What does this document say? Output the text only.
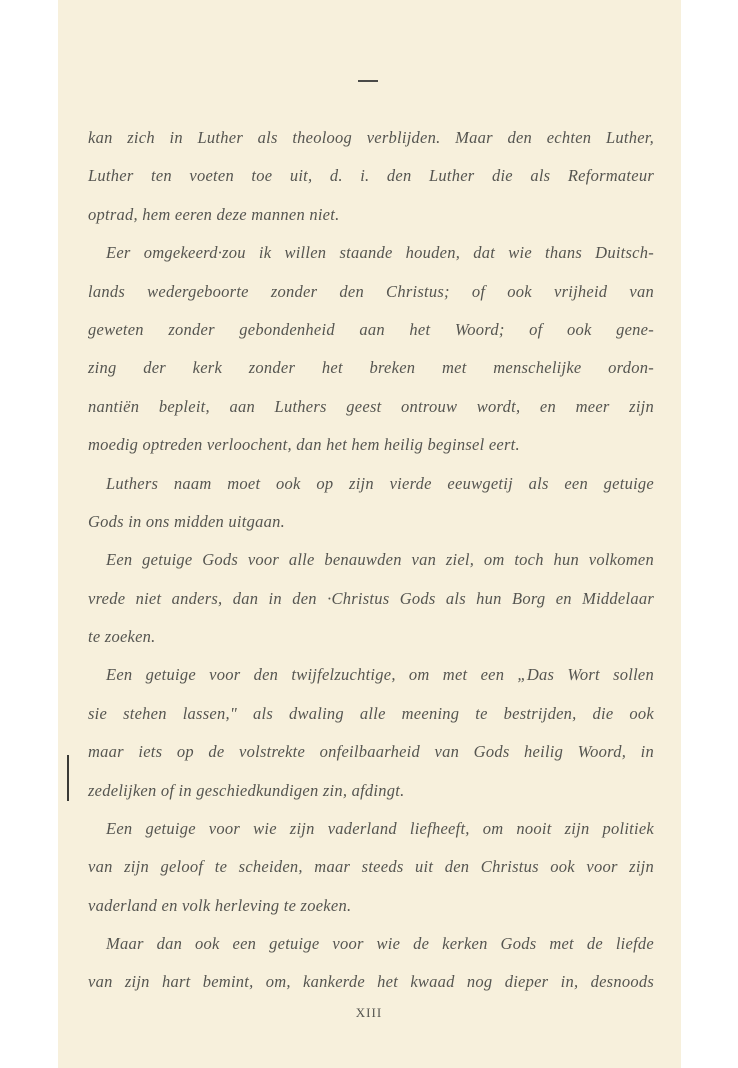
kan zich in Luther als theoloog verblijden. Maar den echten Luther,
Luther ten voeten toe uit, d. i. den Luther die als Reformateur
optrad, hem eeren deze mannen niet.
Eer omgekeerd·zou ik willen staande houden, dat wie thans Duitsch-
lands wedergeboorte zonder den Christus; of ook vrijheid van
geweten zonder gebondenheid aan het Woord; of ook gene-
zing der kerk zonder het breken met menschelijke ordon-
nantiën bepleit, aan Luthers geest ontrouw wordt, en meer zijn
moedig optreden verloochent, dan het hem heilig beginsel eert.
Luthers naam moet ook op zijn vierde eeuwgetij als een getuige
Gods in ons midden uitgaan.
Een getuige Gods voor alle benauwden van ziel, om toch hun volkomen
vrede niet anders, dan in den ·Christus Gods als hun Borg en Middelaar
te zoeken.
Een getuige voor den twijfelzuchtige, om met een „Das Wort sollen
sie stehen lassen," als dwaling alle meening te bestrijden, die ook
maar iets op de volstrekte onfeilbaarheid van Gods heilig Woord, in
zedelijken of in geschiedkundigen zin, afdingt.
Een getuige voor wie zijn vaderland liefheeft, om nooit zijn politiek
van zijn geloof te scheiden, maar steeds uit den Christus ook voor zijn
vaderland en volk herleving te zoeken.
Maar dan ook een getuige voor wie de kerken Gods met de liefde
van zijn hart bemint, om, kankerde het kwaad nog dieper in, desnoods
XIII
